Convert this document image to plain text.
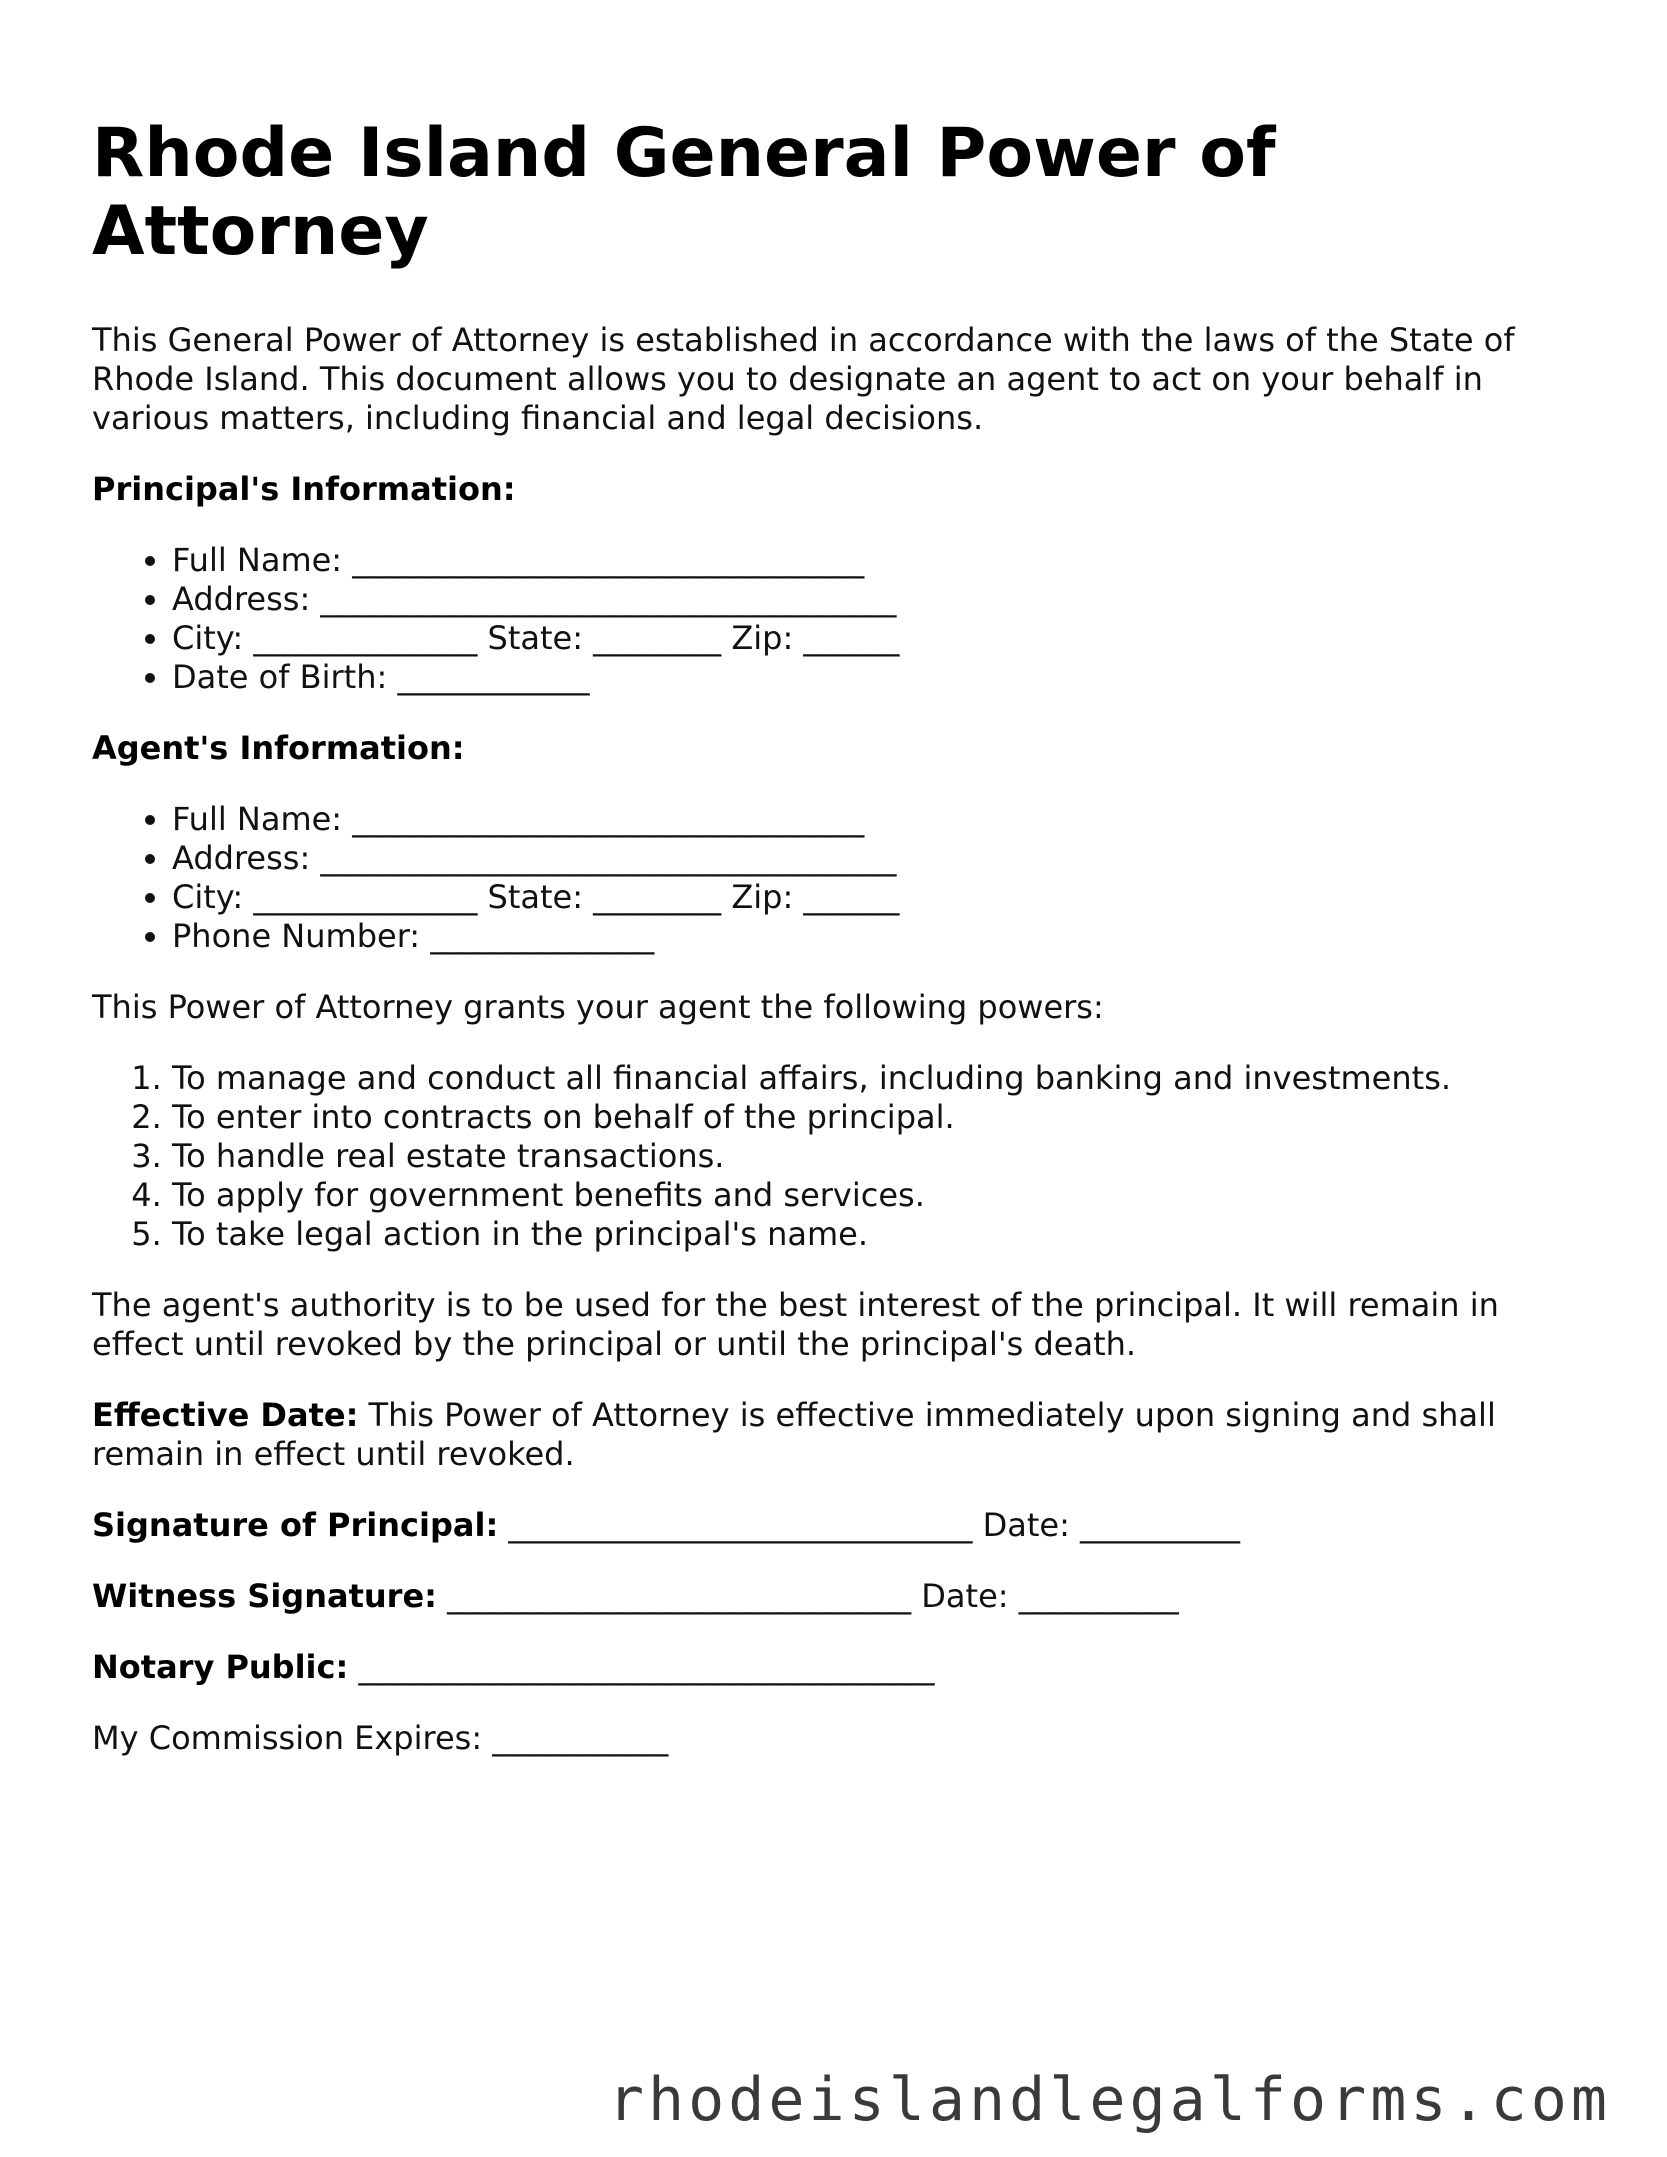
Rhode Island General Power of Attorney

This General Power of Attorney is established in accordance with the laws of the State of Rhode Island. This document allows you to designate an agent to act on your behalf in various matters, including financial and legal decisions.

Principal's Information:

• Full Name: ________________________________
• Address: ____________________________________
• City: ______________ State: ________ Zip: ______
• Date of Birth: ____________

Agent's Information:

• Full Name: ________________________________
• Address: ____________________________________
• City: ______________ State: ________ Zip: ______
• Phone Number: ______________

This Power of Attorney grants your agent the following powers:

1. To manage and conduct all financial affairs, including banking and investments.
2. To enter into contracts on behalf of the principal.
3. To handle real estate transactions.
4. To apply for government benefits and services.
5. To take legal action in the principal's name.

The agent's authority is to be used for the best interest of the principal. It will remain in effect until revoked by the principal or until the principal's death.

Effective Date: This Power of Attorney is effective immediately upon signing and shall remain in effect until revoked.

Signature of Principal: _____________________________ Date: __________

Witness Signature: _____________________________ Date: __________

Notary Public: ____________________________________

My Commission Expires: ___________

rhodeislandlegalforms.com
